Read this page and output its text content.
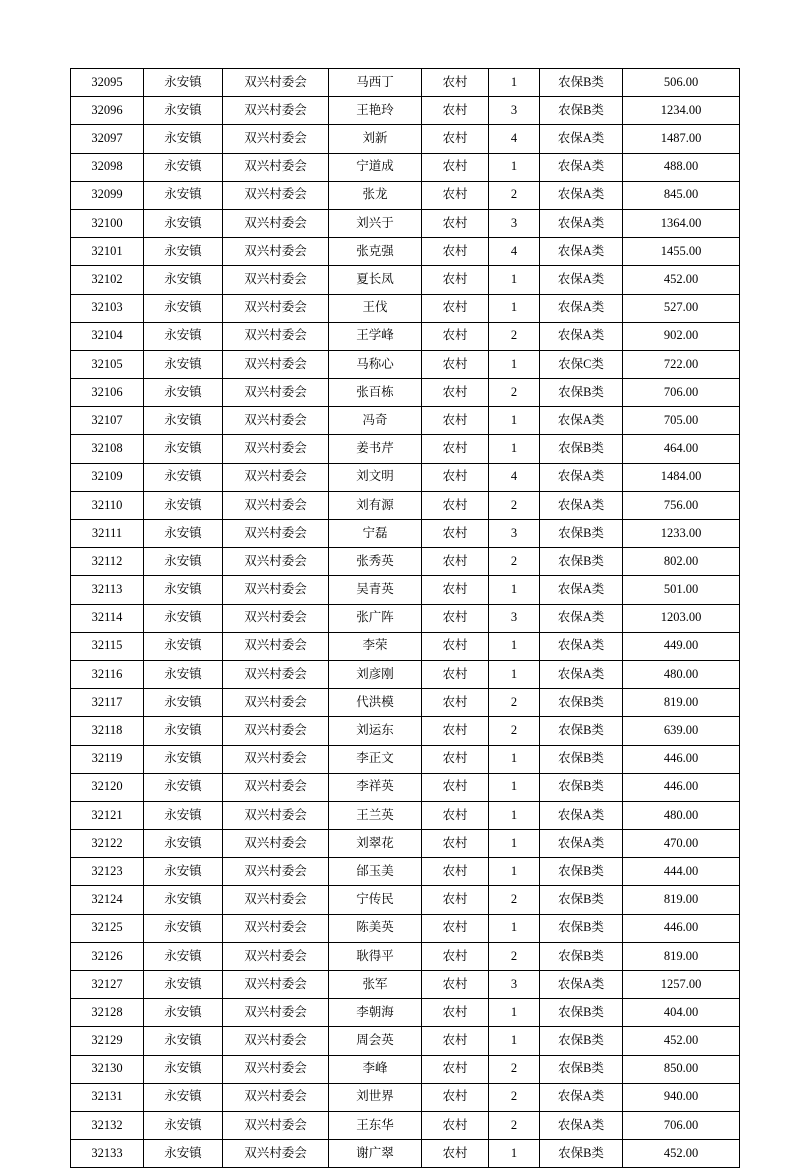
32095	永安镇	双兴村委会	马西丁	农村	1	农保B类	506.00
32096	永安镇	双兴村委会	王艳玲	农村	3	农保B类	1234.00
32097	永安镇	双兴村委会	刘新	农村	4	农保A类	1487.00
32098	永安镇	双兴村委会	宁道成	农村	1	农保A类	488.00
32099	永安镇	双兴村委会	张龙	农村	2	农保A类	845.00
32100	永安镇	双兴村委会	刘兴于	农村	3	农保A类	1364.00
32101	永安镇	双兴村委会	张克强	农村	4	农保A类	1455.00
32102	永安镇	双兴村委会	夏长凤	农村	1	农保A类	452.00
32103	永安镇	双兴村委会	王伐	农村	1	农保A类	527.00
32104	永安镇	双兴村委会	王学峰	农村	2	农保A类	902.00
32105	永安镇	双兴村委会	马称心	农村	1	农保C类	722.00
32106	永安镇	双兴村委会	张百栋	农村	2	农保B类	706.00
32107	永安镇	双兴村委会	冯奇	农村	1	农保A类	705.00
32108	永安镇	双兴村委会	姜书芹	农村	1	农保B类	464.00
32109	永安镇	双兴村委会	刘文明	农村	4	农保A类	1484.00
32110	永安镇	双兴村委会	刘有源	农村	2	农保A类	756.00
32111	永安镇	双兴村委会	宁磊	农村	3	农保B类	1233.00
32112	永安镇	双兴村委会	张秀英	农村	2	农保B类	802.00
32113	永安镇	双兴村委会	吴青英	农村	1	农保A类	501.00
32114	永安镇	双兴村委会	张广阵	农村	3	农保A类	1203.00
32115	永安镇	双兴村委会	李荣	农村	1	农保A类	449.00
32116	永安镇	双兴村委会	刘彦刚	农村	1	农保A类	480.00
32117	永安镇	双兴村委会	代洪模	农村	2	农保B类	819.00
32118	永安镇	双兴村委会	刘运东	农村	2	农保B类	639.00
32119	永安镇	双兴村委会	李正文	农村	1	农保B类	446.00
32120	永安镇	双兴村委会	李祥英	农村	1	农保B类	446.00
32121	永安镇	双兴村委会	王兰英	农村	1	农保A类	480.00
32122	永安镇	双兴村委会	刘翠花	农村	1	农保A类	470.00
32123	永安镇	双兴村委会	邰玉美	农村	1	农保B类	444.00
32124	永安镇	双兴村委会	宁传民	农村	2	农保B类	819.00
32125	永安镇	双兴村委会	陈美英	农村	1	农保B类	446.00
32126	永安镇	双兴村委会	耿得平	农村	2	农保B类	819.00
32127	永安镇	双兴村委会	张军	农村	3	农保A类	1257.00
32128	永安镇	双兴村委会	李朝海	农村	1	农保B类	404.00
32129	永安镇	双兴村委会	周会英	农村	1	农保B类	452.00
32130	永安镇	双兴村委会	李峰	农村	2	农保B类	850.00
32131	永安镇	双兴村委会	刘世界	农村	2	农保A类	940.00
32132	永安镇	双兴村委会	王东华	农村	2	农保A类	706.00
32133	永安镇	双兴村委会	谢广翠	农村	1	农保B类	452.00
